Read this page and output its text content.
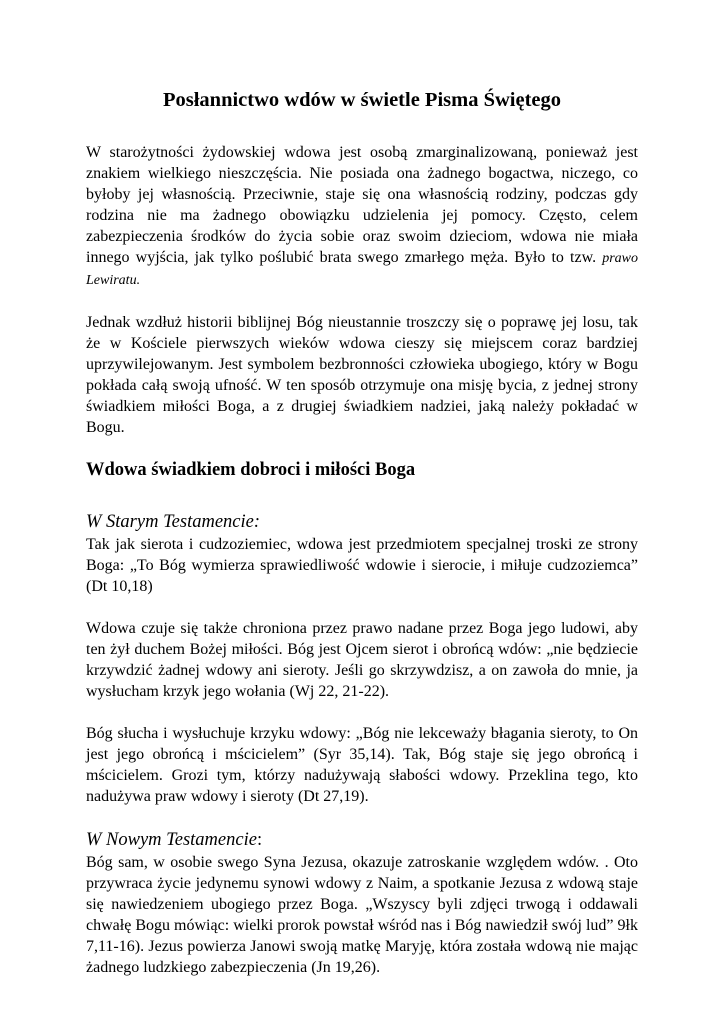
Posłannictwo wdów w świetle Pisma Świętego

W starożytności żydowskiej wdowa jest osobą zmarginalizowaną, ponieważ jest znakiem wielkiego nieszczęścia. Nie posiada ona żadnego bogactwa, niczego, co byłoby jej własnością. Przeciwnie, staje się ona własnością rodziny, podczas gdy rodzina nie ma żadnego obowiązku udzielenia jej pomocy. Często, celem zabezpieczenia środków do życia sobie oraz swoim dzieciom, wdowa nie miała innego wyjścia, jak tylko poślubić brata swego zmarłego męża. Było to tzw. prawo Lewiratu.

Jednak wzdłuż historii biblijnej Bóg nieustannie troszczy się o poprawę jej losu, tak że w Kościele pierwszych wieków wdowa cieszy się miejscem coraz bardziej uprzywilejowanym. Jest symbolem bezbronności człowieka ubogiego, który w Bogu pokłada całą swoją ufność. W ten sposób otrzymuje ona misję bycia, z jednej strony świadkiem miłości Boga, a z drugiej świadkiem nadziei, jaką należy pokładać w Bogu.

Wdowa świadkiem dobroci i miłości Boga

W Starym Testamencie:

Tak jak sierota i cudzoziemiec, wdowa jest przedmiotem specjalnej troski ze strony Boga: „To Bóg wymierza sprawiedliwość wdowie i sierocie, i miłuje cudzoziemca” (Dt 10,18)

Wdowa czuje się także chroniona przez prawo nadane przez Boga jego ludowi, aby ten żył duchem Bożej miłości. Bóg jest Ojcem sierot i obrońcą wdów: „nie będziecie krzywdzić żadnej wdowy ani sieroty. Jeśli go skrzywdzisz, a on zawoła do mnie, ja wysłucham krzyk jego wołania (Wj 22, 21-22).

Bóg słucha i wysłuchuje krzyku wdowy: „Bóg nie lekceważy błagania sieroty, to On jest jego obrońcą i mścicielem” (Syr 35,14). Tak, Bóg staje się jego obrońcą i mścicielem. Grozi tym, którzy nadużywają słabości wdowy. Przeklina tego, kto nadużywa praw wdowy i sieroty (Dt 27,19).

W Nowym Testamencie:

Bóg sam, w osobie swego Syna Jezusa, okazuje zatroskanie względem wdów. . Oto przywraca życie jedynemu synowi wdowy z Naim, a spotkanie Jezusa z wdową staje się nawiedzeniem ubogiego przez Boga. „Wszyscy byli zdjęci trwogą i oddawali chwałę Bogu mówiąc: wielki prorok powstał wśród nas i Bóg nawiedził swój lud” 9łk 7,11-16). Jezus powierza Janowi swoją matkę Maryję, która została wdową nie mając żadnego ludzkiego zabezpieczenia (Jn 19,26).
